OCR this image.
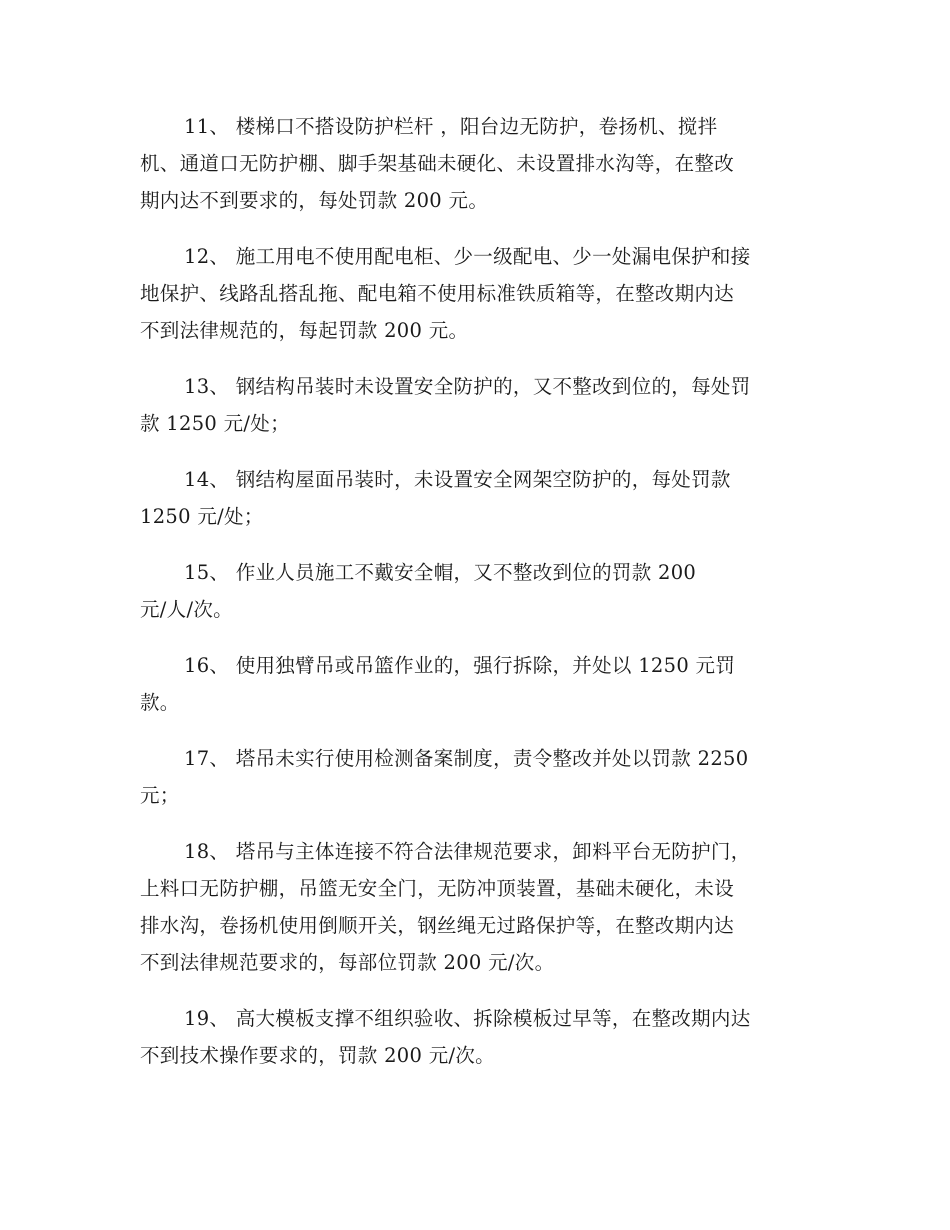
11、 楼梯口不搭设防护栏杆 ，阳台边无防护，卷扬机、搅拌
机、通道口无防护棚、脚手架基础未硬化、未设置排水沟等，在整改
期内达不到要求的，每处罚款 200 元。

12、 施工用电不使用配电柜、少一级配电、少一处漏电保护和接
地保护、线路乱搭乱拖、配电箱不使用标准铁质箱等，在整改期内达
不到法律规范的，每起罚款 200 元。

13、 钢结构吊装时未设置安全防护的，又不整改到位的，每处罚
款 1250 元/处；

14、 钢结构屋面吊装时，未设置安全网架空防护的，每处罚款
1250 元/处；

15、 作业人员施工不戴安全帽，又不整改到位的罚款 200
元/人/次。

16、 使用独臂吊或吊篮作业的，强行拆除，并处以 1250 元罚
款。

17、 塔吊未实行使用检测备案制度，责令整改并处以罚款 2250
元；

18、 塔吊与主体连接不符合法律规范要求，卸料平台无防护门，
上料口无防护棚，吊篮无安全门，无防冲顶装置，基础未硬化，未设
排水沟，卷扬机使用倒顺开关，钢丝绳无过路保护等，在整改期内达
不到法律规范要求的，每部位罚款 200 元/次。

19、 高大模板支撑不组织验收、拆除模板过早等，在整改期内达
不到技术操作要求的，罚款 200 元/次。
